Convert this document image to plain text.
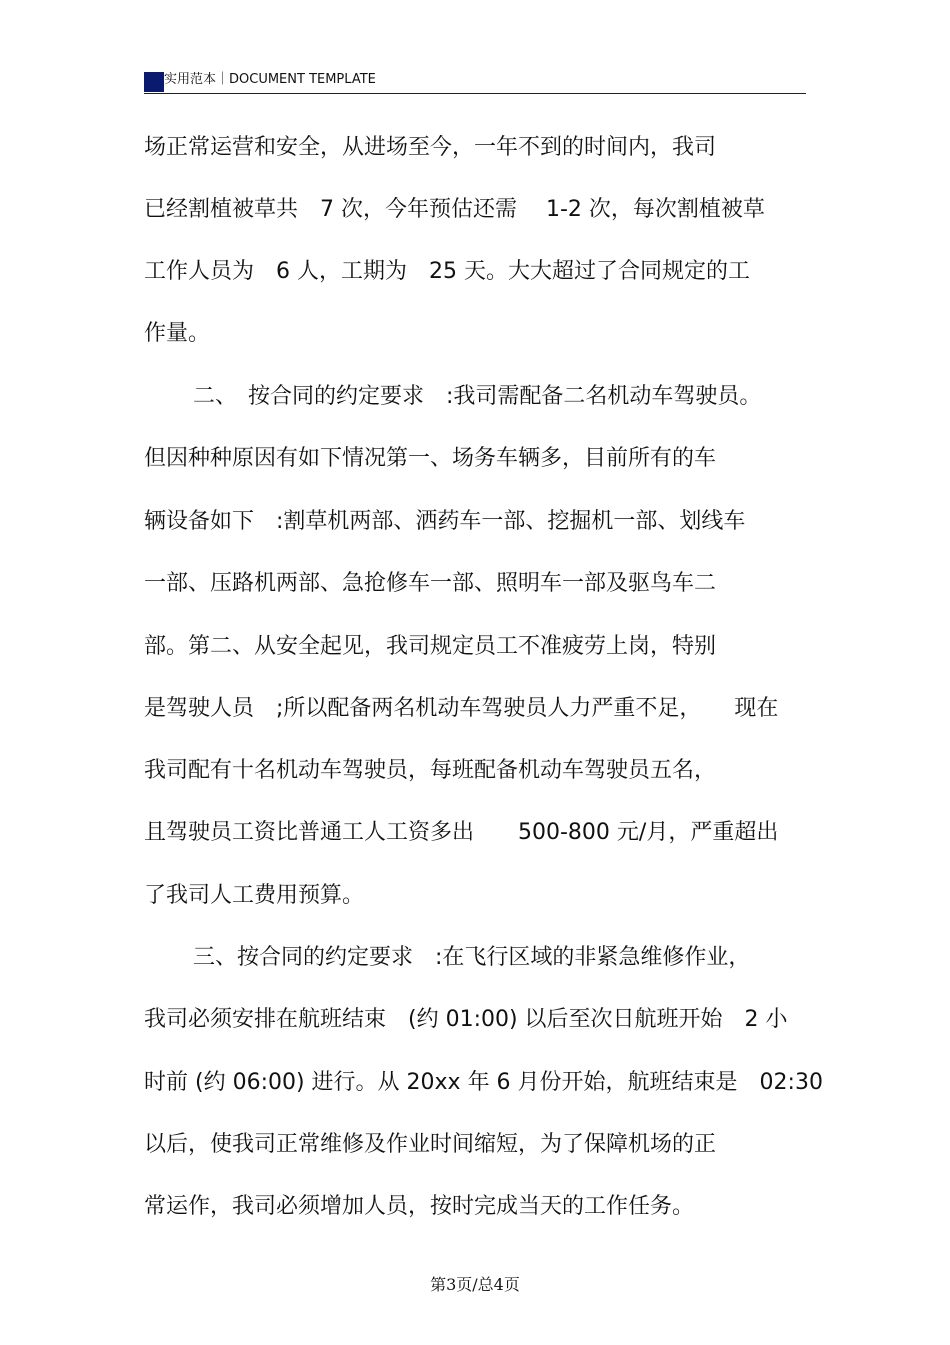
实用范本｜DOCUMENT TEMPLATE
场正常运营和安全，从进场至今，一年不到的时间内，我司
已经割植被草共　7 次，今年预估还需　 1-2 次，每次割植被草
工作人员为　6 人，工期为　25 天。大大超过了合同规定的工
作量。
二、　按合同的约定要求　:我司需配备二名机动车驾驶员。
但因种种原因有如下情况第一、场务车辆多，目前所有的车
辆设备如下　:割草机两部、洒药车一部、挖掘机一部、划线车
一部、压路机两部、急抢修车一部、照明车一部及驱鸟车二
部。第二、从安全起见，我司规定员工不准疲劳上岗，特别
是驾驶人员　;所以配备两名机动车驾驶员人力严重不足，　　现在
我司配有十名机动车驾驶员，每班配备机动车驾驶员五名，
且驾驶员工资比普通工人工资多出　　500-800 元/月，严重超出
了我司人工费用预算。
三、按合同的约定要求　:在飞行区域的非紧急维修作业，
我司必须安排在航班结束　(约 01:00) 以后至次日航班开始　2 小
时前 (约 06:00) 进行。从 20xx 年 6 月份开始，航班结束是　02:30
以后，使我司正常维修及作业时间缩短，为了保障机场的正
常运作，我司必须增加人员，按时完成当天的工作任务。
第3页/总4页
